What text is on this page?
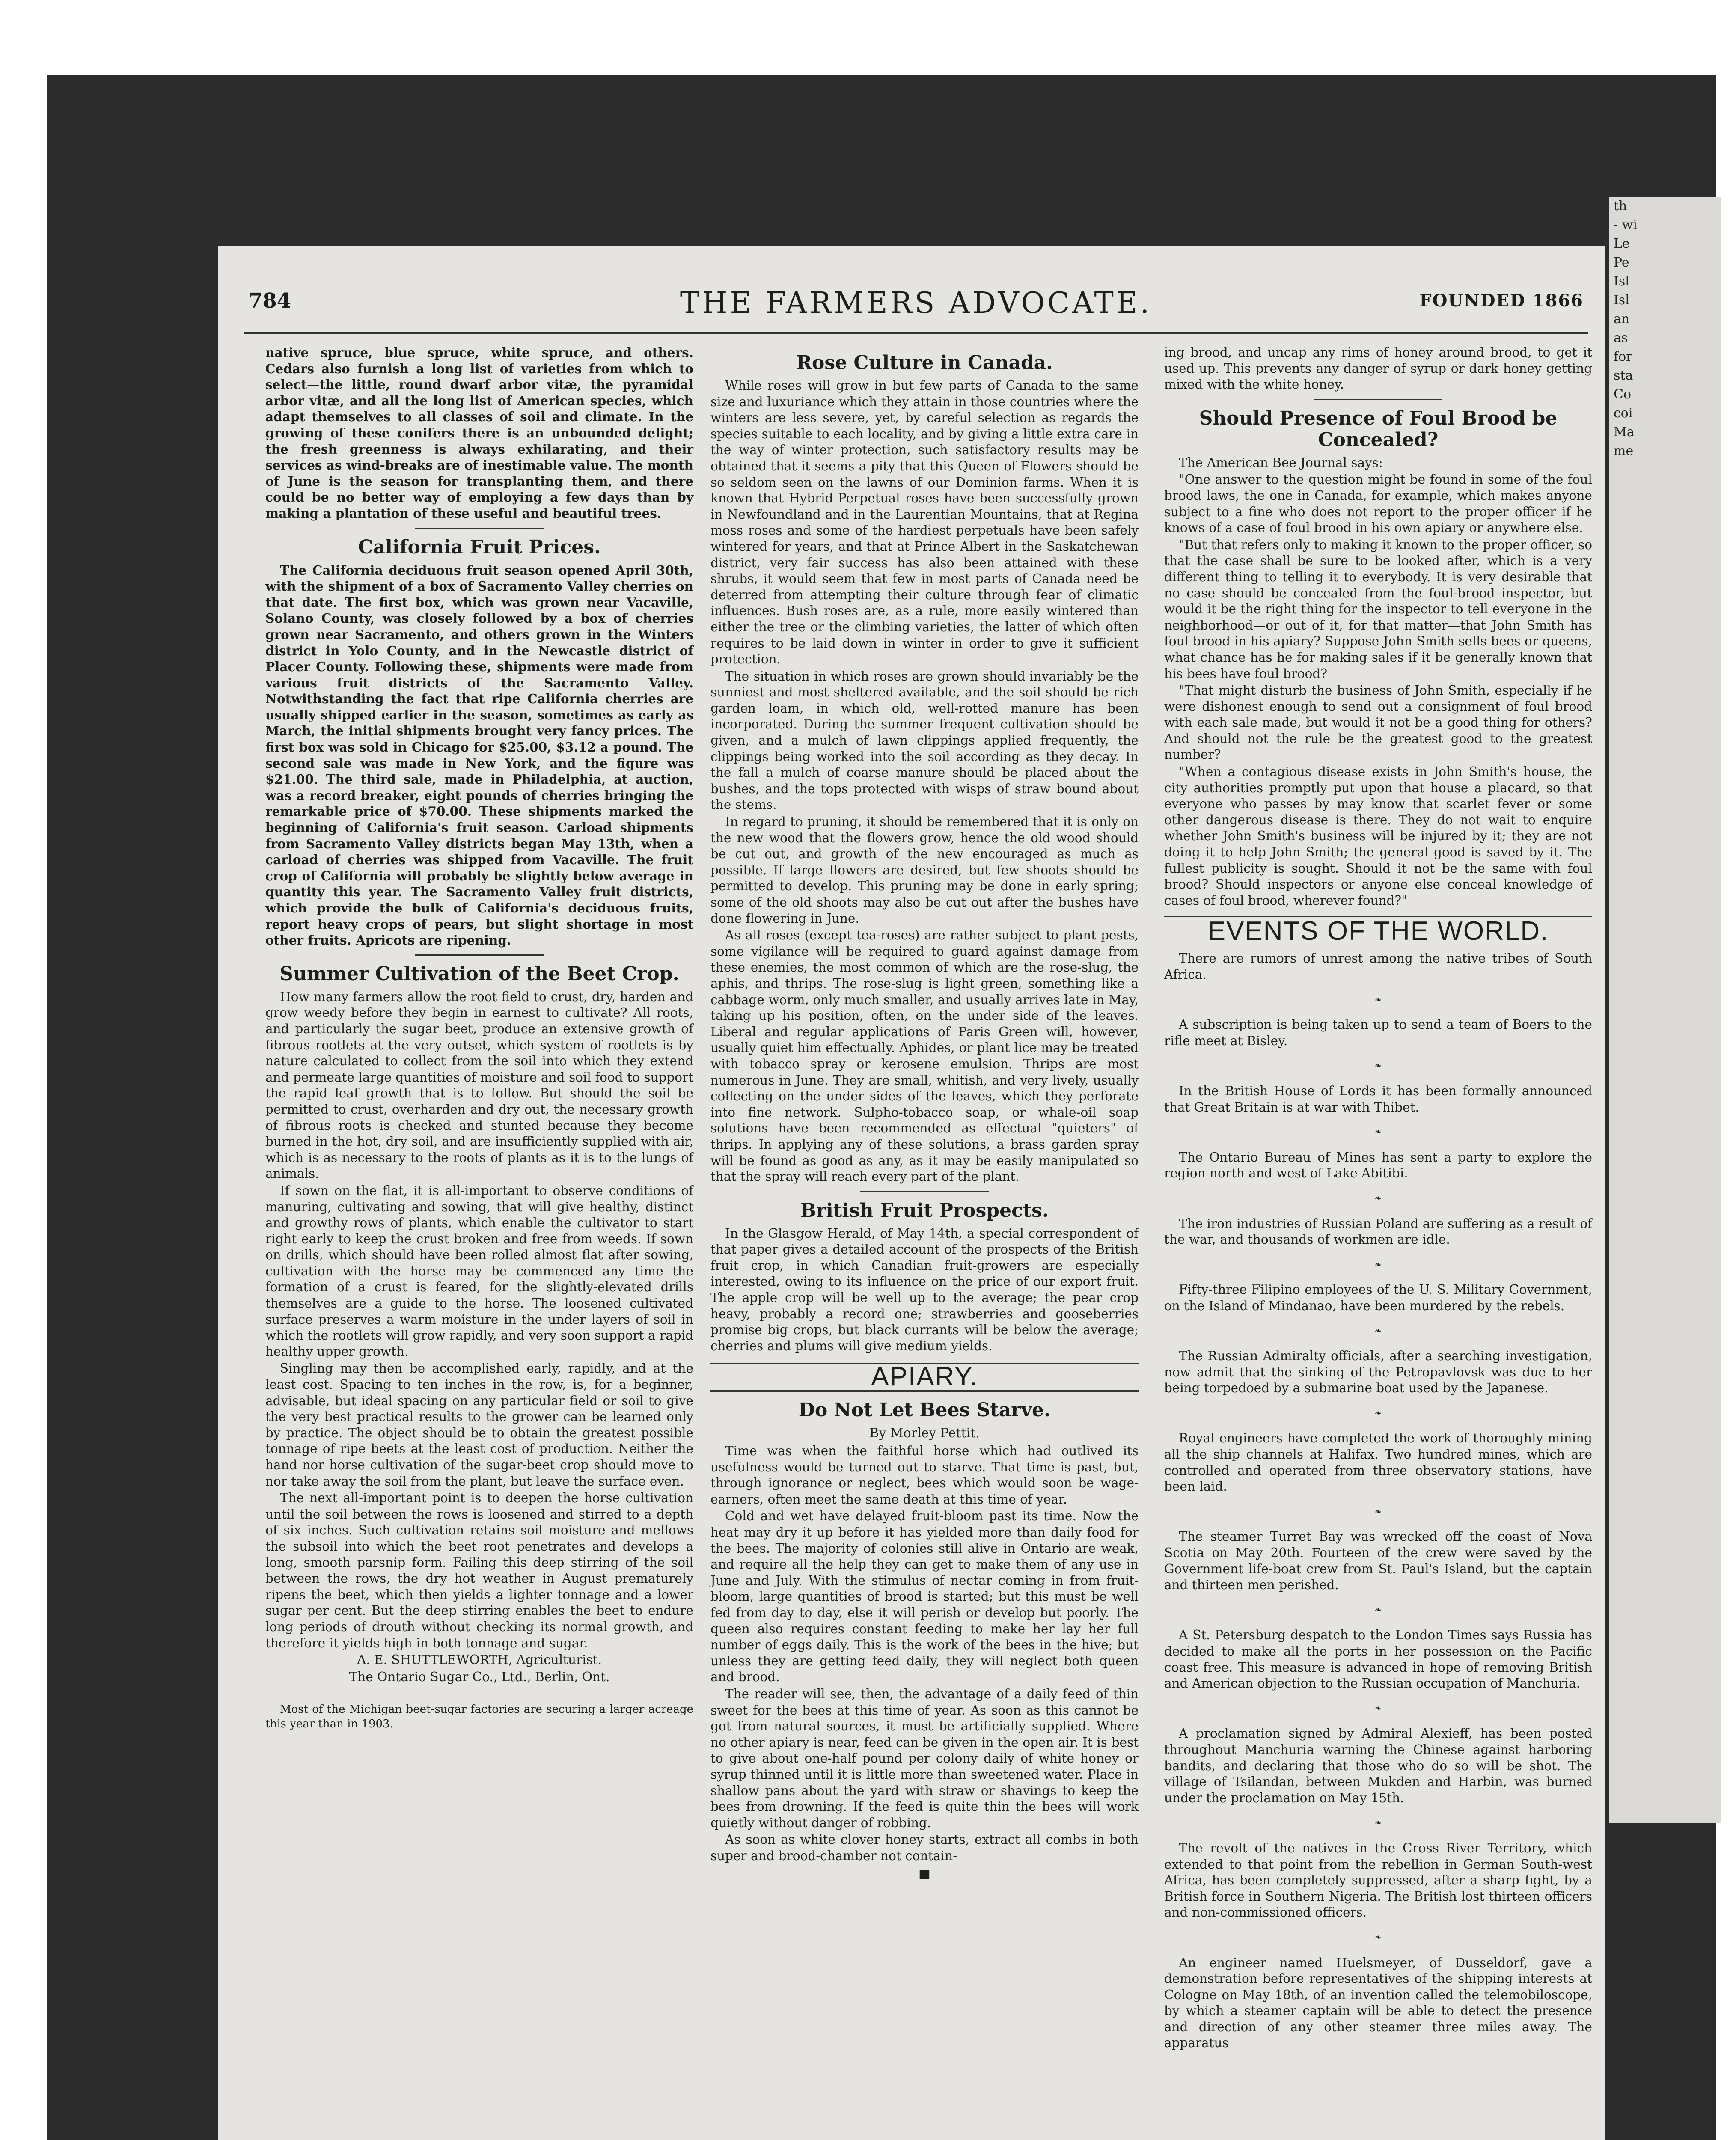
th
- wi
Le
Pe
Isl
Isl
an
as
for
sta
Co
coi
Ma
me
784	THE FARMERS ADVOCATE.	FOUNDED 1866

native spruce, blue spruce, white spruce, and others. Cedars also furnish a long list of varieties from which to select—the little, round dwarf arbor vitæ, the pyramidal arbor vitæ, and all the long list of American species, which adapt themselves to all classes of soil and climate. In the growing of these conifers there is an unbounded delight; the fresh greenness is always exhilarating, and their services as wind-breaks are of inestimable value. The month of June is the season for transplanting them, and there could be no better way of employing a few days than by making a plantation of these useful and beautiful trees.

California Fruit Prices.

The California deciduous fruit season opened April 30th, with the shipment of a box of Sacramento Valley cherries on that date. The first box, which was grown near Vacaville, Solano County, was closely followed by a box of cherries grown near Sacramento, and others grown in the Winters district in Yolo County, and in the Newcastle district of Placer County. Following these, shipments were made from various fruit districts of the Sacramento Valley. Notwithstanding the fact that ripe California cherries are usually shipped earlier in the season, sometimes as early as March, the initial shipments brought very fancy prices. The first box was sold in Chicago for $25.00, $3.12 a pound. The second sale was made in New York, and the figure was $21.00. The third sale, made in Philadelphia, at auction, was a record breaker, eight pounds of cherries bringing the remarkable price of $70.00. These shipments marked the beginning of California's fruit season. Carload shipments from Sacramento Valley districts began May 13th, when a carload of cherries was shipped from Vacaville. The fruit crop of California will probably be slightly below average in quantity this year. The Sacramento Valley fruit districts, which provide the bulk of California's deciduous fruits, report heavy crops of pears, but slight shortage in most other fruits. Apricots are ripening.

Summer Cultivation of the Beet Crop.

How many farmers allow the root field to crust, dry, harden and grow weedy before they begin in earnest to cultivate? All roots, and particularly the sugar beet, produce an extensive growth of fibrous rootlets at the very outset, which system of rootlets is by nature calculated to collect from the soil into which they extend and permeate large quantities of moisture and soil food to support the rapid leaf growth that is to follow. But should the soil be permitted to crust, overharden and dry out, the necessary growth of fibrous roots is checked and stunted because they become burned in the hot, dry soil, and are insufficiently supplied with air, which is as necessary to the roots of plants as it is to the lungs of animals.

If sown on the flat, it is all-important to observe conditions of manuring, cultivating and sowing, that will give healthy, distinct and growthy rows of plants, which enable the cultivator to start right early to keep the crust broken and free from weeds. If sown on drills, which should have been rolled almost flat after sowing, cultivation with the horse may be commenced any time the formation of a crust is feared, for the slightly-elevated drills themselves are a guide to the horse. The loosened cultivated surface preserves a warm moisture in the under layers of soil in which the rootlets will grow rapidly, and very soon support a rapid healthy upper growth.

Singling may then be accomplished early, rapidly, and at the least cost. Spacing to ten inches in the row, is, for a beginner, advisable, but ideal spacing on any particular field or soil to give the very best practical results to the grower can be learned only by practice. The object should be to obtain the greatest possible tonnage of ripe beets at the least cost of production. Neither the hand nor horse cultivation of the sugar-beet crop should move to nor take away the soil from the plant, but leave the surface even.

The next all-important point is to deepen the horse cultivation until the soil between the rows is loosened and stirred to a depth of six inches. Such cultivation retains soil moisture and mellows the subsoil into which the beet root penetrates and develops a long, smooth parsnip form. Failing this deep stirring of the soil between the rows, the dry hot weather in August prematurely ripens the beet, which then yields a lighter tonnage and a lower sugar per cent. But the deep stirring enables the beet to endure long periods of drouth without checking its normal growth, and therefore it yields high in both tonnage and sugar.

A. E. SHUTTLEWORTH, Agriculturist.

The Ontario Sugar Co., Ltd., Berlin, Ont.

Most of the Michigan beet-sugar factories are securing a larger acreage this year than in 1903.

Rose Culture in Canada.

While roses will grow in but few parts of Canada to the same size and luxuriance which they attain in those countries where the winters are less severe, yet, by careful selection as regards the species suitable to each locality, and by giving a little extra care in the way of winter protection, such satisfactory results may be obtained that it seems a pity that this Queen of Flowers should be so seldom seen on the lawns of our Dominion farms. When it is known that Hybrid Perpetual roses have been successfully grown in Newfoundland and in the Laurentian Mountains, that at Regina moss roses and some of the hardiest perpetuals have been safely wintered for years, and that at Prince Albert in the Saskatchewan district, very fair success has also been attained with these shrubs, it would seem that few in most parts of Canada need be deterred from attempting their culture through fear of climatic influences. Bush roses are, as a rule, more easily wintered than either the tree or the climbing varieties, the latter of which often requires to be laid down in winter in order to give it sufficient protection.

The situation in which roses are grown should invariably be the sunniest and most sheltered available, and the soil should be rich garden loam, in which old, well-rotted manure has been incorporated. During the summer frequent cultivation should be given, and a mulch of lawn clippings applied frequently, the clippings being worked into the soil according as they decay. In the fall a mulch of coarse manure should be placed about the bushes, and the tops protected with wisps of straw bound about the stems.

In regard to pruning, it should be remembered that it is only on the new wood that the flowers grow, hence the old wood should be cut out, and growth of the new encouraged as much as possible. If large flowers are desired, but few shoots should be permitted to develop. This pruning may be done in early spring; some of the old shoots may also be cut out after the bushes have done flowering in June.

As all roses (except tea-roses) are rather subject to plant pests, some vigilance will be required to guard against damage from these enemies, the most common of which are the rose-slug, the aphis, and thrips. The rose-slug is light green, something like a cabbage worm, only much smaller, and usually arrives late in May, taking up his position, often, on the under side of the leaves. Liberal and regular applications of Paris Green will, however, usually quiet him effectually. Aphides, or plant lice may be treated with tobacco spray or kerosene emulsion. Thrips are most numerous in June. They are small, whitish, and very lively, usually collecting on the under sides of the leaves, which they perforate into fine network. Sulpho-tobacco soap, or whale-oil soap solutions have been recommended as effectual "quieters" of thrips. In applying any of these solutions, a brass garden spray will be found as good as any, as it may be easily manipulated so that the spray will reach every part of the plant.

British Fruit Prospects.

In the Glasgow Herald, of May 14th, a special correspondent of that paper gives a detailed account of the prospects of the British fruit crop, in which Canadian fruit-growers are especially interested, owing to its influence on the price of our export fruit. The apple crop will be well up to the average; the pear crop heavy, probably a record one; strawberries and gooseberries promise big crops, but black currants will be below the average; cherries and plums will give medium yields.

APIARY.
Do Not Let Bees Starve.

By Morley Pettit.

Time was when the faithful horse which had outlived its usefulness would be turned out to starve. That time is past, but, through ignorance or neglect, bees which would soon be wage-earners, often meet the same death at this time of year.

Cold and wet have delayed fruit-bloom past its time. Now the heat may dry it up before it has yielded more than daily food for the bees. The majority of colonies still alive in Ontario are weak, and require all the help they can get to make them of any use in June and July. With the stimulus of nectar coming in from fruit-bloom, large quantities of brood is started; but this must be well fed from day to day, else it will perish or develop but poorly. The queen also requires constant feeding to make her lay her full number of eggs daily. This is the work of the bees in the hive; but unless they are getting feed daily, they will neglect both queen and brood.

The reader will see, then, the advantage of a daily feed of thin sweet for the bees at this time of year. As soon as this cannot be got from natural sources, it must be artificially supplied. Where no other apiary is near, feed can be given in the open air. It is best to give about one-half pound per colony daily of white honey or syrup thinned until it is little more than sweetened water. Place in shallow pans about the yard with straw or shavings to keep the bees from drowning. If the feed is quite thin the bees will work quietly without danger of robbing.

As soon as white clover honey starts, extract all combs in both super and brood-chamber not contain-

■

ing brood, and uncap any rims of honey around brood, to get it used up. This prevents any danger of syrup or dark honey getting mixed with the white honey.

Should Presence of Foul Brood be Concealed?

The American Bee Journal says:

"One answer to the question might be found in some of the foul brood laws, the one in Canada, for example, which makes anyone subject to a fine who does not report to the proper officer if he knows of a case of foul brood in his own apiary or anywhere else.

"But that refers only to making it known to the proper officer, so that the case shall be sure to be looked after, which is a very different thing to telling it to everybody. It is very desirable that no case should be concealed from the foul-brood inspector, but would it be the right thing for the inspector to tell everyone in the neighborhood—or out of it, for that matter—that John Smith has foul brood in his apiary? Suppose John Smith sells bees or queens, what chance has he for making sales if it be generally known that his bees have foul brood?

"That might disturb the business of John Smith, especially if he were dishonest enough to send out a consignment of foul brood with each sale made, but would it not be a good thing for others? And should not the rule be the greatest good to the greatest number?

"When a contagious disease exists in John Smith's house, the city authorities promptly put upon that house a placard, so that everyone who passes by may know that scarlet fever or some other dangerous disease is there. They do not wait to enquire whether John Smith's business will be injured by it; they are not doing it to help John Smith; the general good is saved by it. The fullest publicity is sought. Should it not be the same with foul brood? Should inspectors or anyone else conceal knowledge of cases of foul brood, wherever found?"

EVENTS OF THE WORLD.

There are rumors of unrest among the native tribes of South Africa.

❧

A subscription is being taken up to send a team of Boers to the rifle meet at Bisley.

❧

In the British House of Lords it has been formally announced that Great Britain is at war with Thibet.

❧

The Ontario Bureau of Mines has sent a party to explore the region north and west of Lake Abitibi.

❧

The iron industries of Russian Poland are suffering as a result of the war, and thousands of workmen are idle.

❧

Fifty-three Filipino employees of the U. S. Military Government, on the Island of Mindanao, have been murdered by the rebels.

❧

The Russian Admiralty officials, after a searching investigation, now admit that the sinking of the Petropavlovsk was due to her being torpedoed by a submarine boat used by the Japanese.

❧

Royal engineers have completed the work of thoroughly mining all the ship channels at Halifax. Two hundred mines, which are controlled and operated from three observatory stations, have been laid.

❧

The steamer Turret Bay was wrecked off the coast of Nova Scotia on May 20th. Fourteen of the crew were saved by the Government life-boat crew from St. Paul's Island, but the captain and thirteen men perished.

❧

A St. Petersburg despatch to the London Times says Russia has decided to make all the ports in her possession on the Pacific coast free. This measure is advanced in hope of removing British and American objection to the Russian occupation of Manchuria.

❧

A proclamation signed by Admiral Alexieff, has been posted throughout Manchuria warning the Chinese against harboring bandits, and declaring that those who do so will be shot. The village of Tsilandan, between Mukden and Harbin, was burned under the proclamation on May 15th.

❧

The revolt of the natives in the Cross River Territory, which extended to that point from the rebellion in German South-west Africa, has been completely suppressed, after a sharp fight, by a British force in Southern Nigeria. The British lost thirteen officers and non-commissioned officers.

❧

An engineer named Huelsmeyer, of Dusseldorf, gave a demonstration before representatives of the shipping interests at Cologne on May 18th, of an invention called the telemobiloscope, by which a steamer captain will be able to detect the presence and direction of any other steamer three miles away. The apparatus
